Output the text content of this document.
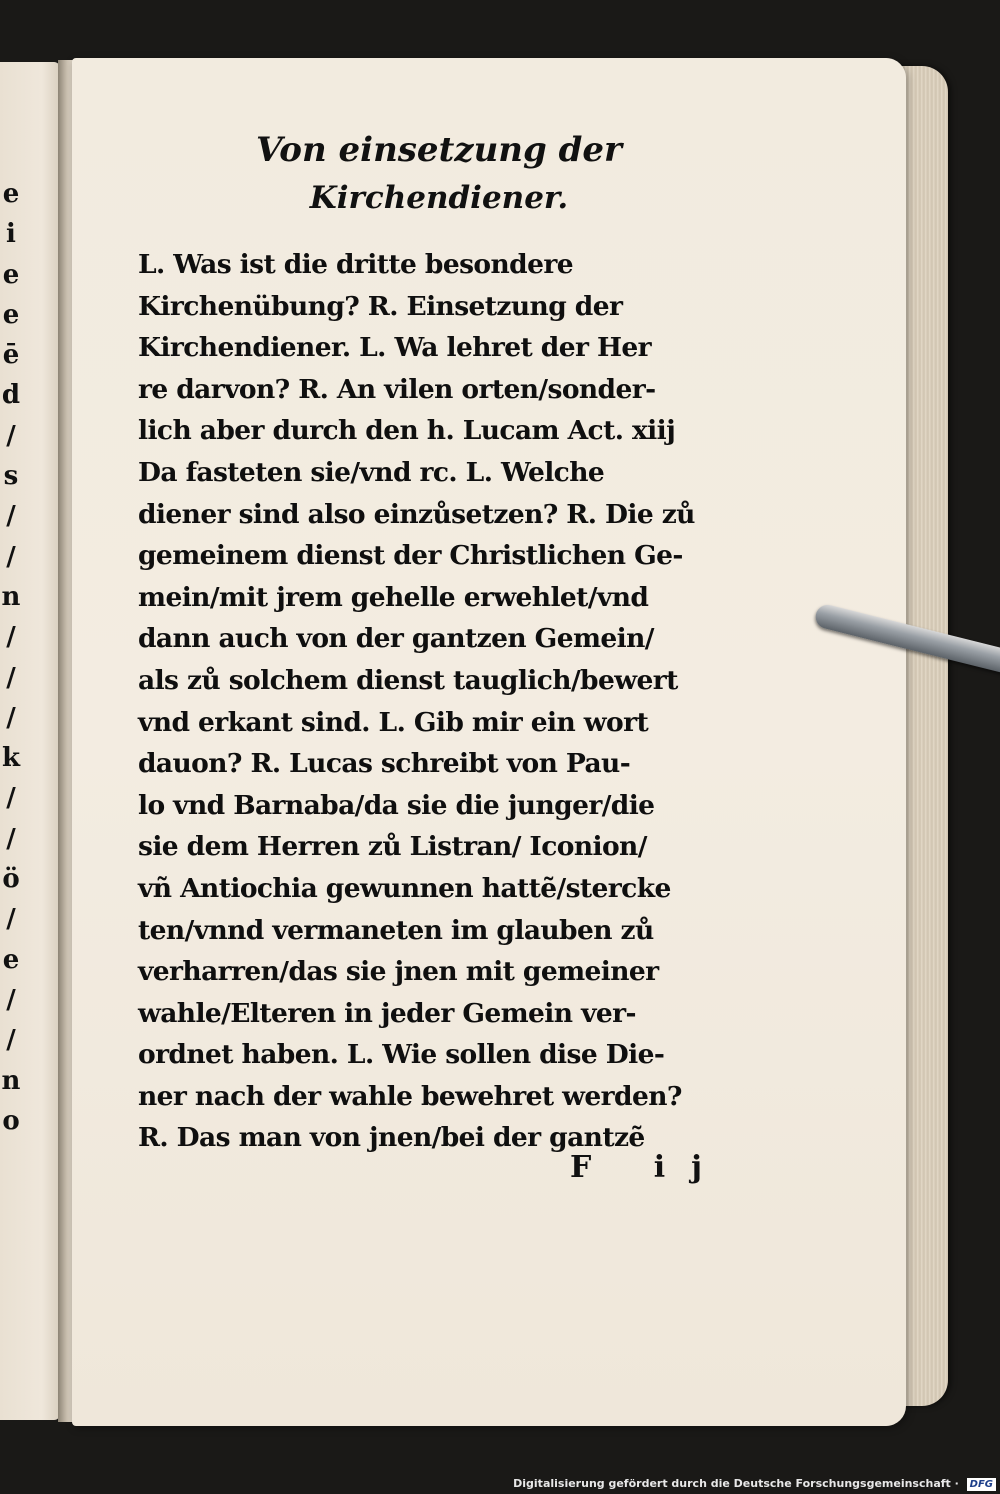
e
i
e
e
ē
d
/
s
/
/
n
/
/
/
k
/
/
ö
/
e
/
/
n
o
Von einsetzung der
Kirchendiener.
L. Was ist die dritte besondere
Kirchenübung? R. Einsetzung der
Kirchendiener. L. Wa lehret der Her
re darvon? R. An vilen orten/sonder-
lich aber durch den h. Lucam Act. xiij
Da fasteten sie/vnd rc. L. Welche
diener sind also einzůsetzen? R. Die zů
gemeinem dienst der Christlichen Ge-
mein/mit jrem gehelle erwehlet/vnd
dann auch von der gantzen Gemein/
als zů solchem dienst tauglich/bewert
vnd erkant sind. L. Gib mir ein wort
dauon? R. Lucas schreibt von Pau-
lo vnd Barnaba/da sie die junger/die
sie dem Herren zů Listran/ Iconion/
vñ Antiochia gewunnen hattẽ/stercke
ten/vnnd vermaneten im glauben zů
verharren/das sie jnen mit gemeiner
wahle/Elteren in jeder Gemein ver-
ordnet haben. L. Wie sollen dise Die-
ner nach der wahle bewehret werden?
R. Das man von jnen/bei der gantzẽ
F ij
Digitalisierung gefördert durch die Deutsche Forschungsgemeinschaft · DFG
